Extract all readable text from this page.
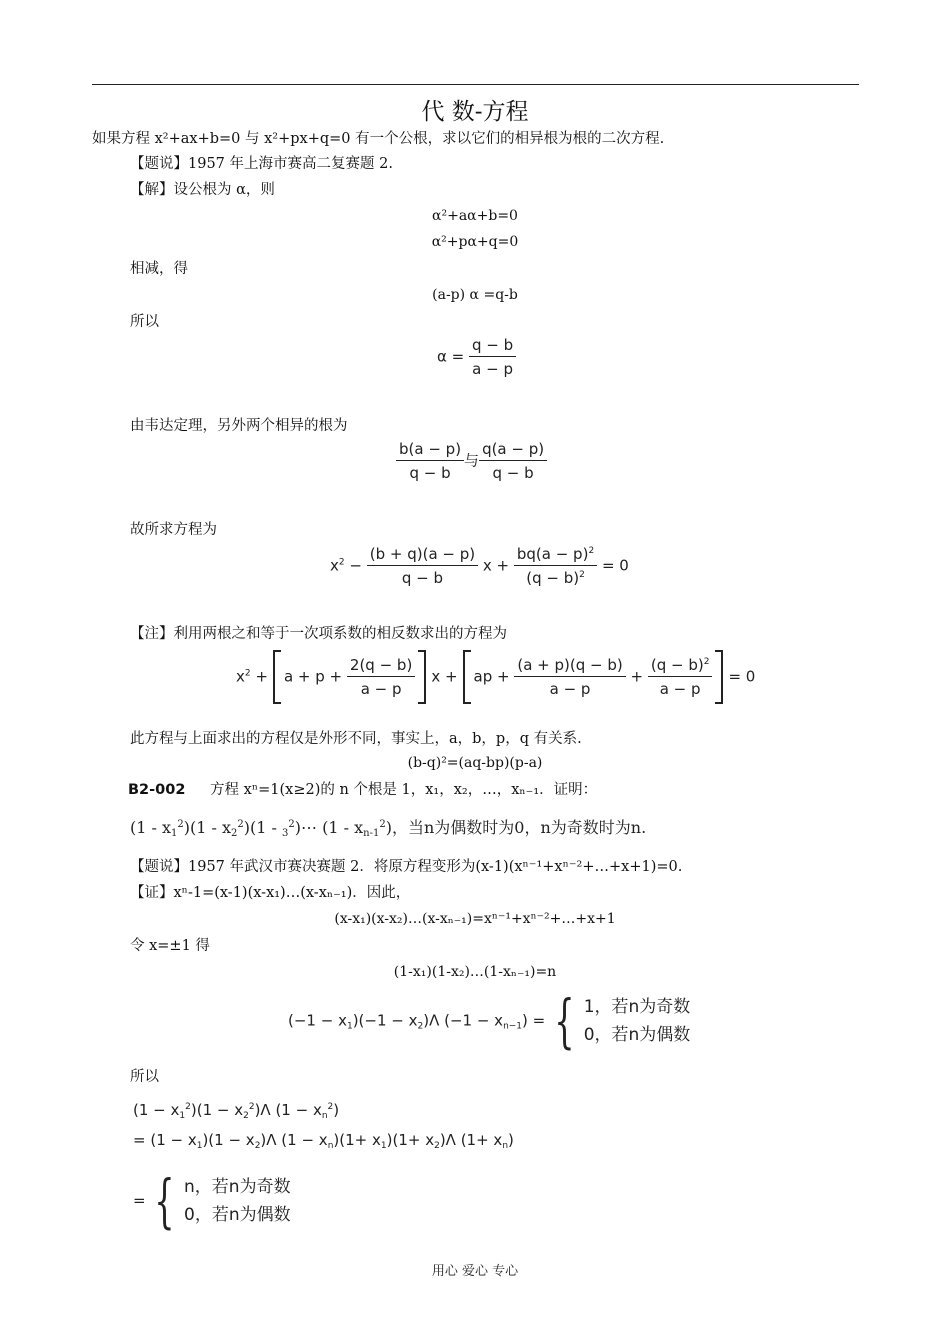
代 数-方程
如果方程 x²+ax+b=0 与 x²+px+q=0 有一个公根，求以它们的相异根为根的二次方程.
【题说】1957 年上海市赛高二复赛题 2.
【解】设公根为 α，则
α²+aα+b=0
α²+pα+q=0
相减，得
(a-p) α =q-b
所以
$\alpha = \frac{q - b}{a - p}$
由韦达定理，另外两个相异的根为
$\frac{b(a - p)}{q - b}$ 与 $\frac{q(a - p)}{q - b}$
故所求方程为
$x^2 - \frac{(b + q)(a - p)}{q - b}$ $x + \frac{bq(a - p)^2}{(q - b)^2} = 0$
【注】利用两根之和等于一次项系数的相反数求出的方程为
$x^2 + a + p + \frac{2(q - b)}{a - p}$ x + ap + $\frac{(a + p)(q - b)}{a - p} + \frac{(q - b)^2}{a - p} = 0$
此方程与上面求出的方程仅是外形不同，事实上，a，b，p，q 有关系.
(b-q)²=(aq-bp)(p-a)
B2-002 方程 xⁿ=1(x≥2)的 n 个根是 1，x₁，x₂，…，xₙ₋₁．证明：
$(1 - x_1^2)(1 - x_2^2)(1$ - $_3^2$)⋯ $(1 - x_{n-1}^2)$，当n为偶数时为0，n为奇数时为n.
【题说】1957 年武汉市赛决赛题 2．将原方程变形为(x-1)(xⁿ⁻¹+xⁿ⁻²+…+x+1)=0.
【证】xⁿ-1=(x-1)(x-x₁)…(x-xₙ₋₁)．因此，
(x-x₁)(x-x₂)…(x-xₙ₋₁)=xⁿ⁻¹+xⁿ⁻²+…+x+1
令 x=±1 得
(1-x₁)(1-x₂)…(1-xₙ₋₁)=n
$(-1 - x_1)(-1 - x_2)\Lambda$ $(-1 - x_{n-1})$ = { 1，若n为奇数
0，若n为偶数
所以
$(1 - x_1^2)(1 - x_2^2)\Lambda$ $(1 - x_n^2)$
= $(1 - x_1)(1 - x_2)\Lambda$ $(1 - x_n)(1+ x_1)(1+ x_2)\Lambda$ $(1+ x_n)$
= { n，若n为奇数
0，若n为偶数
用心 爱心 专心
